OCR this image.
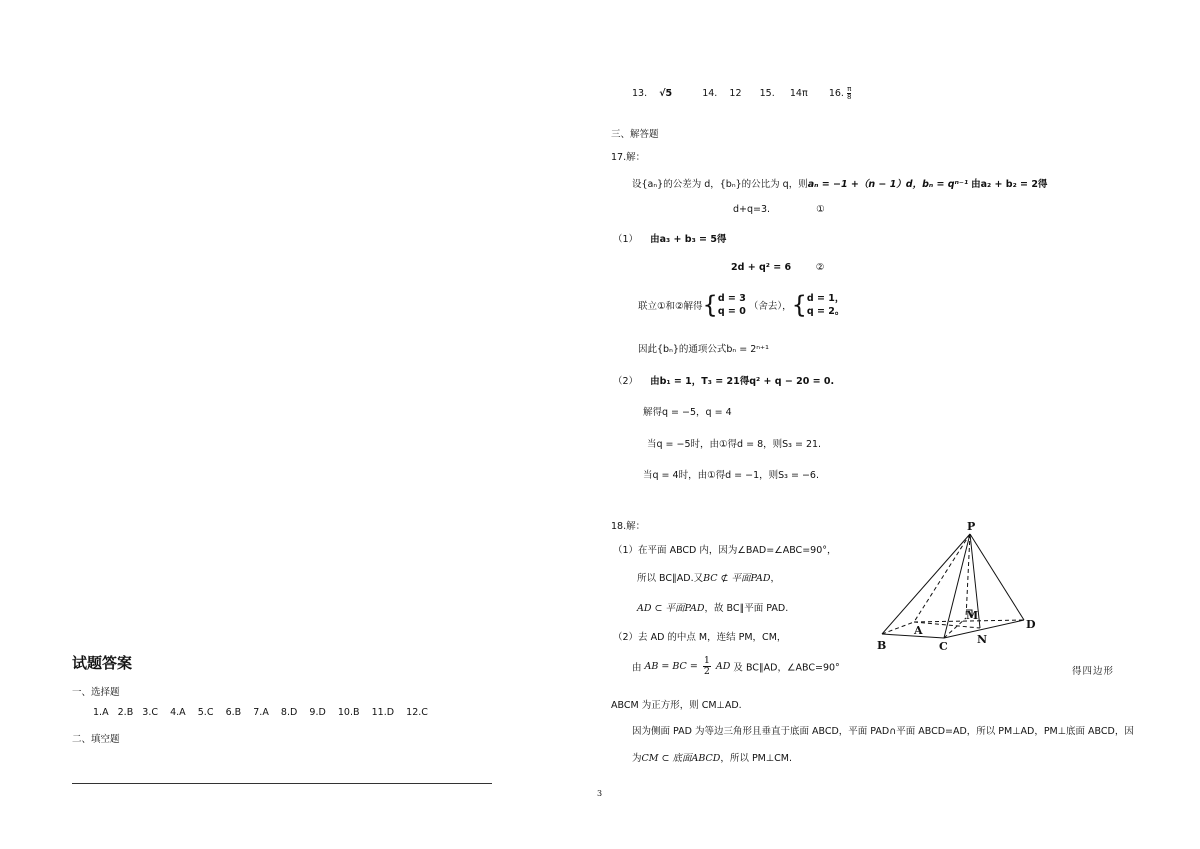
试题答案
一、选择题
1.A 2.B 3.C 4.A 5.C 6.B 7.A 8.D 9.D 10.B 11.D 12.C
二、填空题
13. √5	14. 12 15. 14π 16. $\frac{\pi}{8}$
三、解答题
17.解：
设{aₙ}的公差为 d，{bₙ}的公比为 q，则aₙ = −1 +（n − 1）d，bₙ = qⁿ⁻¹ 由a₂ + b₂ = 2得
d+q=3.	①
（1） 由a₃ + b₃ = 5得
2d + q² = 6	②
联立①和②解得{d = 3
q = 0 （舍去），{d = 1，
q = 2。
因此{bₙ}的通项公式bₙ = 2ⁿ⁺¹
（2） 由b₁ = 1，T₃ = 21得q² + q − 20 = 0.
解得q = −5，q = 4
当q = −5时，由①得d = 8，则S₃ = 21.
当q = 4时，由①得d = −1，则S₃ = −6.
18.解：
（1）在平面 ABCD 内，因为∠BAD=∠ABC=90°，
所以 BC∥AD.又BC ⊄ 平面PAD，
AD ⊂ 平面PAD，故 BC∥平面 PAD.
（2）去 AD 的中点 M，连结 PM，CM，
由 AB = BC = $\frac{1}{2}$ AD 及 BC∥AD，∠ABC=90°	得四边形
ABCM 为正方形，则 CM⊥AD.
因为侧面 PAD 为等边三角形且垂直于底面 ABCD，平面 PAD∩平面 ABCD=AD，所以 PM⊥AD，PM⊥底面 ABCD，因
为CM ⊂ 底面ABCD，所以 PM⊥CM.
P
A
M
D
B	C
N
3
